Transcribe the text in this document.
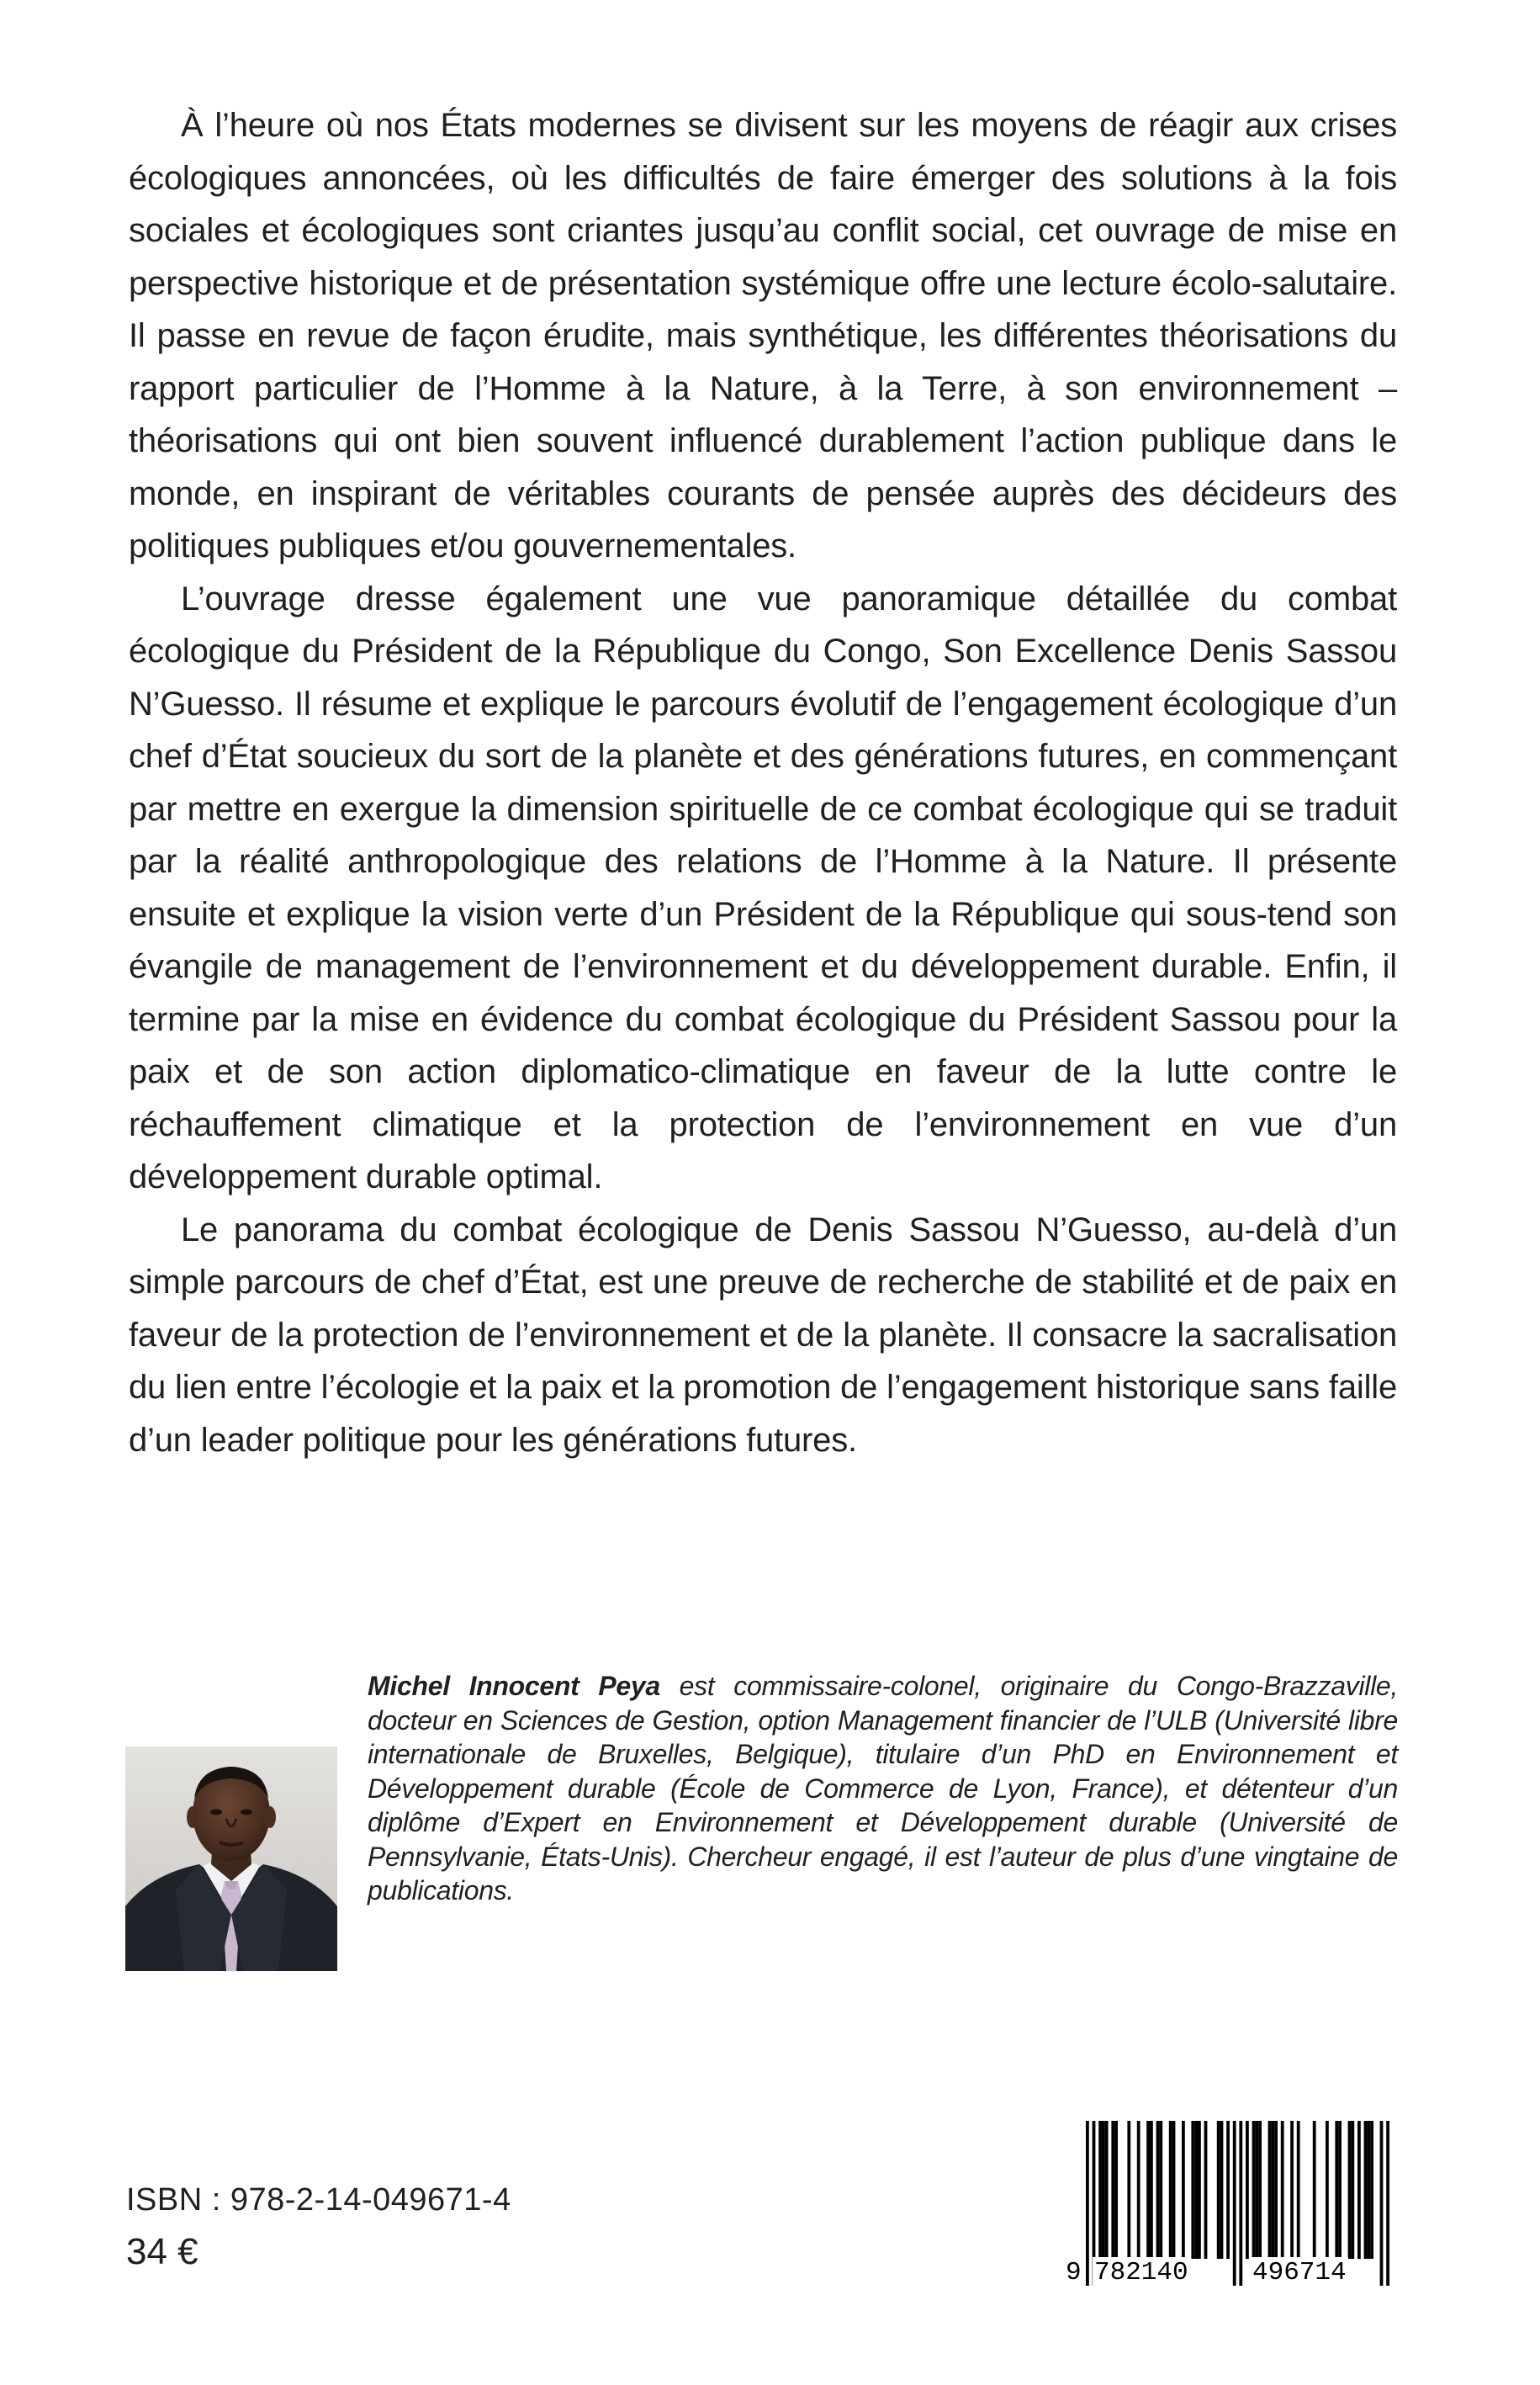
À l’heure où nos États modernes se divisent sur les moyens de réagir aux crises écologiques annoncées, où les difficultés de faire émerger des solutions à la fois sociales et écologiques sont criantes jusqu’au conflit social, cet ouvrage de mise en perspective historique et de présentation systémique offre une lecture écolo-salutaire. Il passe en revue de façon érudite, mais synthétique, les différentes théorisations du rapport particulier de l’Homme à la Nature, à la Terre, à son environnement – théorisations qui ont bien souvent influencé durablement l’action publique dans le monde, en inspirant de véritables courants de pensée auprès des décideurs des politiques publiques et/ou gouvernementales.

L’ouvrage dresse également une vue panoramique détaillée du combat écologique du Président de la République du Congo, Son Excellence Denis Sassou N’Guesso. Il résume et explique le parcours évolutif de l’engagement écologique d’un chef d’État soucieux du sort de la planète et des générations futures, en commençant par mettre en exergue la dimension spirituelle de ce combat écologique qui se traduit par la réalité anthropologique des relations de l’Homme à la Nature. Il présente ensuite et explique la vision verte d’un Président de la République qui sous-tend son évangile de management de l’environnement et du développement durable. Enfin, il termine par la mise en évidence du combat écologique du Président Sassou pour la paix et de son action diplomatico-climatique en faveur de la lutte contre le réchauffement climatique et la protection de l’environnement en vue d’un développement durable optimal.

Le panorama du combat écologique de Denis Sassou N’Guesso, au-delà d’un simple parcours de chef d’État, est une preuve de recherche de stabilité et de paix en faveur de la protection de l’environnement et de la planète. Il consacre la sacralisation du lien entre l’écologie et la paix et la promotion de l’engagement historique sans faille d’un leader politique pour les générations futures.

Michel Innocent Peya est commissaire-colonel, originaire du Congo-Brazzaville, docteur en Sciences de Gestion, option Management financier de l’ULB (Université libre internationale de Bruxelles, Belgique), titulaire d’un PhD en Environnement et Développement durable (École de Commerce de Lyon, France), et détenteur d’un diplôme d’Expert en Environnement et Développement durable (Université de Pennsylvanie, États-Unis). Chercheur engagé, il est l’auteur de plus d’une vingtaine de publications.

ISBN : 978-2-14-049671-4
34 €
9 782140 496714
